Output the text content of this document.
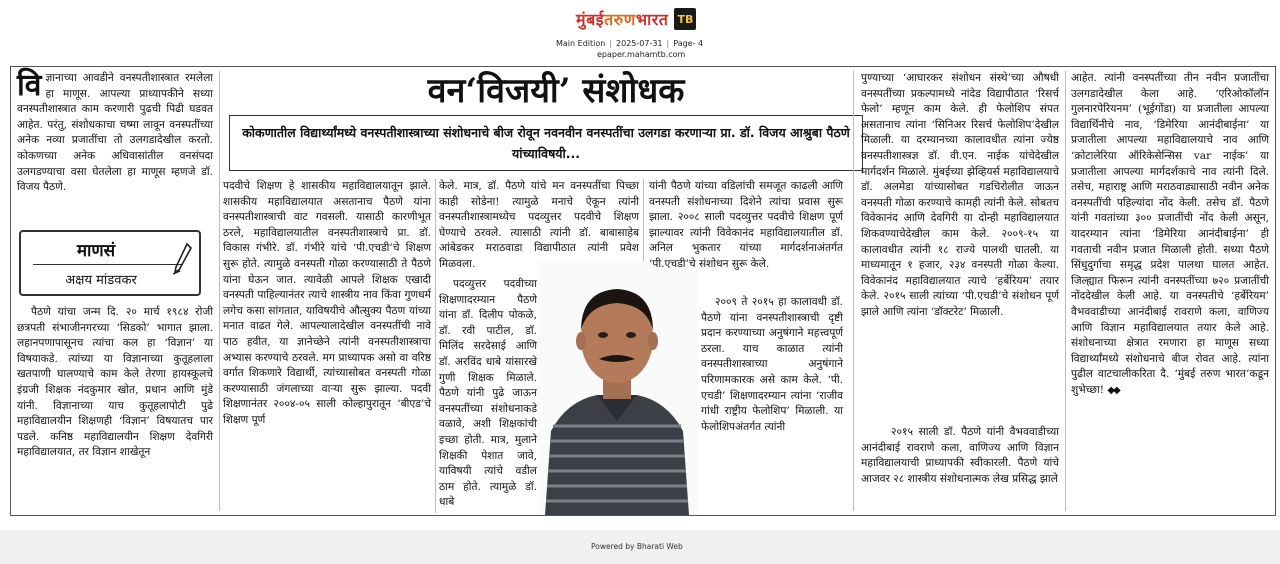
मुंबईतरुणभारत TB
Main Edition | 2025-07-31 | Page- 4
epaper.mahamtb.com

विज्ञानाच्या आवडीने वनस्पतीशास्त्रात रमलेला हा माणूस. आपल्या प्राध्यापकीने सध्या वनस्पतीशास्त्रात काम करणारी पुढची पिढी घडवत आहेत. परंतु, संशोधकाचा चष्मा लावून वनस्पतींच्या अनेक नव्या प्रजातींचा तो उलगडादेखील करतो. कोकणच्या अनेक अधिवासांतील वनसंपदा उलगडण्याचा वसा घेतलेला हा माणूस म्हणजे डॉ. विजय पैठणे.

माणसं
अक्षय मांडवकर

पैठणे यांचा जन्म दि. २० मार्च १९८४ रोजी छत्रपती संभाजीनगरच्या ‘सिडको’ भागात झाला. लहानपणापासूनच त्यांचा कल हा ‘विज्ञान’ या विषयाकडे. त्यांच्या या विज्ञानाच्या कुतूहलाला खतपाणी घालण्याचे काम केले तेरणा हायस्कूलचे इंग्रजी शिक्षक नंदकुमार खोत, प्रधान आणि मुंडे यांनी. विज्ञानाच्या याच कुतूहलापोटी पुढे महाविद्यालयीन शिक्षणही ‘विज्ञान’ विषयातच पार पडले. कनिष्ठ महाविद्यालयीन शिक्षण देवगिरी महाविद्यालयात, तर विज्ञान शाखेतून

वन‘विजयी’ संशोधक
कोकणातील विद्यार्थ्यांमध्ये वनस्पतीशास्त्राच्या संशोधनाचे बीज रोवून नवनवीन वनस्पतींचा उलगडा करणाऱ्या प्रा. डॉ. विजय आश्रुबा पैठणे यांच्याविषयी...

पदवीचे शिक्षण हे शासकीय महाविद्यालयातून झाले. शासकीय महाविद्यालयात असतानाच पैठणे यांना वनस्पतीशास्त्राची वाट गवसली. यासाठी कारणीभूत ठरले, महाविद्यालयातील वनस्पतीशास्त्राचे प्रा. डॉ. विकास गंभीरे. डॉ. गंभीरे यांचे ‘पी.एचडी’चे शिक्षण सुरू होते. त्यामुळे वनस्पती गोळा करण्यासाठी ते पैठणे यांना घेऊन जात. त्यावेळी आपले शिक्षक एखादी वनस्पती पाहिल्यानंतर त्याचे शास्त्रीय नाव किंवा गुणधर्म लगेच कसा सांगतात, याविषयीचे औत्सुक्य पैठण यांच्या मनात वाढत गेले. आपल्यालादेखील वनस्पतींची नावे पाठ हवीत, या ज्ञानेच्छेने त्यांनी वनस्पतीशास्त्राचा अभ्यास करण्याचे ठरवले. मग प्राध्यापक असो वा वरिष्ठ वर्गात शिकणारे विद्यार्थी, त्यांच्यासोबत वनस्पती गोळा करण्यासाठी जंगलाच्या वाऱ्या सुरू झाल्या. पदवी शिक्षणानंतर २००४-०५ साली कोल्हापुरातून ‘बीएड’चे शिक्षण पूर्ण

केले. मात्र, डॉ. पैठणे यांचे मन वनस्पतींचा पिच्छा काही सोडेना! त्यामुळे मनाचे ऐकून त्यांनी वनस्पतीशास्त्रामध्येच पदव्युत्तर पदवीचे शिक्षण घेण्याचे ठरवले. त्यासाठी त्यांनी डॉ. बाबासाहेब आंबेडकर मराठवाडा विद्यापीठात त्यांनी प्रवेश मिळवला.

पदव्युत्तर पदवीच्या शिक्षणादरम्यान पैठणे यांना डॉ. दिलीप पोकळे, डॉ. रवी पाटील, डॉ. मिलिंद सरदेसाई आणि डॉ. अरविंद धाबे यांसारखे गुणी शिक्षक मिळाले. पैठणे यांनी पुढे जाऊन वनस्पतींच्या संशोधनाकडे वळावे, अशी शिक्षकांची इच्छा होती. मात्र, मुलाने शिक्षकी पेशात जावे, याविषयी त्यांचे वडील ठाम होते. त्यामुळे डॉ. धाबे

यांनी पैठणे यांच्या वडिलांची समजूत काढली आणि वनस्पती संशोधनाच्या दिशेने त्यांचा प्रवास सुरू झाला. २००८ साली पदव्युत्तर पदवीचे शिक्षण पूर्ण झाल्यावर त्यांनी विवेकानंद महाविद्यालयातील डॉ. अनिल भुकतार यांच्या मार्गदर्शनाअंतर्गत ‘पी.एचडी’चे संशोधन सुरू केले.

२००९ ते २०१५ हा कालावधी डॉ. पैठणे यांना वनस्पतीशास्त्राची दृष्टी प्रदान करण्याच्या अनुषंगाने महत्त्वपूर्ण ठरला. याच काळात त्यांनी वनस्पतीशास्त्राच्या अनुषंगाने परिणामकारक असे काम केले. ‘पी. एचडी’ शिक्षणादरम्यान त्यांना ‘राजीव गांधी राष्ट्रीय फेलोशिप’ मिळाली. या फेलोशिपअंतर्गत त्यांनी

पुण्याच्या ‘आघारकर संशोधन संस्थे’च्या औषधी वनस्पतींच्या प्रकल्पामध्ये नांदेड विद्यापीठात ‘रिसर्च फेलो’ म्हणून काम केले. ही फेलोशिप संपत असतानाच त्यांना ‘सिनिअर रिसर्च फेलोशिप’देखील मिळाली. या दरम्यानच्या कालावधीत त्यांना ज्येष्ठ वनस्पतीशास्त्रज्ञ डॉ. वी.एन. नाईक यांचेदेखील मार्गदर्शन मिळाले. मुंबईच्या झेव्हियर्स महाविद्यालयाचे डॉ. अलमेडा यांच्यासोबत गडचिरोलीत जाऊन वनस्पती गोळा करण्याचे कामही त्यांनी केले. सोबतच विवेकानंद आणि देवगिरी या दोन्ही महाविद्यालयात शिकवण्याचेदेखील काम केले. २००९-१५ या कालावधीत त्यांनी १८ राज्ये पालथी घातली. या माध्यमातून १ हजार, २३४ वनस्पती गोळा केल्या. विवेकानंद महाविद्यालयात त्याचे ‘हर्बेरियम’ तयार केले. २०१५ साली त्यांच्या ‘पी.एचडी’चे संशोधन पूर्ण झाले आणि त्यांना ‘डॉक्टरेट’ मिळाली.

२०१५ साली डॉ. पैठणे यांनी वैभववाडीच्या आनंदीबाई रावराणे कला, वाणिज्य आणि विज्ञान महाविद्यालयाची प्राध्यापकी स्वीकारली. पैठणे यांचे आजवर २८ शास्त्रीय संशोधनात्मक लेख प्रसिद्ध झाले

आहेत. त्यांनी वनस्पतींच्या तीन नवीन प्रजातींचा उलगडादेखील केला आहे. ‘एरिओकॉलॉन गुलनारपेरियनम’ (भूईगोंडा) या प्रजातीला आपल्या विद्यार्थिनीचे नाव, ‘डिमेरिया आनंदीबाईना’ या प्रजातीला आपल्या महाविद्यालयाचे नाव आणि ‘क्रोटालेरिया ऑरिकेसेन्सिस var नाईक’ या प्रजातीला आपल्या मार्गदर्शकाचे नाव त्यांनी दिले. तसेच, महाराष्ट्र आणि मराठवाड्यासाठी नवीन अनेक वनस्पतींची पहिल्यांदा नोंद केली. तसेच डॉ. पैठणे यांनी गवतांच्या ३०० प्रजातींची नोंद केली असून, यादरम्यान त्यांना ‘डिमेरिया आनंदीबाईना’ ही गवताची नवीन प्रजात मिळाली होती. सध्या पैठणे सिंधुदुर्गाचा समृद्ध प्रदेश पालथा घालत आहेत. जिल्ह्यात फिरून त्यांनी वनस्पतींच्या ७२० प्रजातींची नोंददेखील केली आहे. या वनस्पतीचे ‘हर्बेरियम’ वैभववाडीच्या आनंदीबाई रावराणे कला, वाणिज्य आणि विज्ञान महाविद्यालयात तयार केले आहे. संशोधनाच्या क्षेत्रात रमणारा हा माणूस सध्या विद्यार्थ्यांमध्ये संशोधनाचे बीज रोवत आहे. त्यांना पुढील वाटचालीकरिता दै. ‘मुंबई तरुण भारत’कडून शुभेच्छा! ◆◆

Powered by Bharati Web
